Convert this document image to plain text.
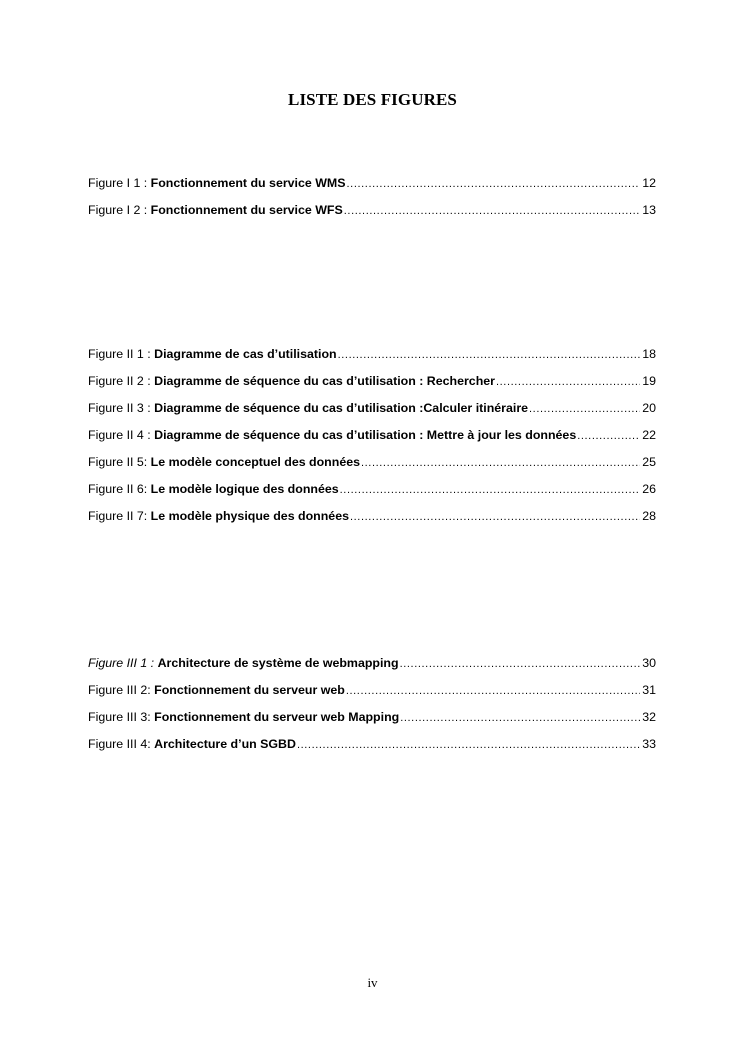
LISTE DES FIGURES
Figure I 1 : Fonctionnement du service WMS .....	12
Figure I 2 : Fonctionnement du service WFS .....	13
Figure II 1 : Diagramme de cas d’utilisation .....	18
Figure II 2 : Diagramme de séquence du cas d’utilisation : Rechercher .....	19
Figure II 3 : Diagramme de séquence du cas d’utilisation :Calculer itinéraire .....	20
Figure II 4 : Diagramme de séquence du cas d’utilisation : Mettre à jour les données .....	22
Figure II 5: Le modèle conceptuel des données .....	25
Figure II 6: Le modèle logique des données .....	26
Figure II 7: Le modèle physique des données .....	28
Figure III 1 : Architecture de système de webmapping .....	30
Figure III 2: Fonctionnement du serveur web .....	31
Figure III 3: Fonctionnement du serveur web Mapping .....	32
Figure III 4: Architecture d’un SGBD .....	33
iv
